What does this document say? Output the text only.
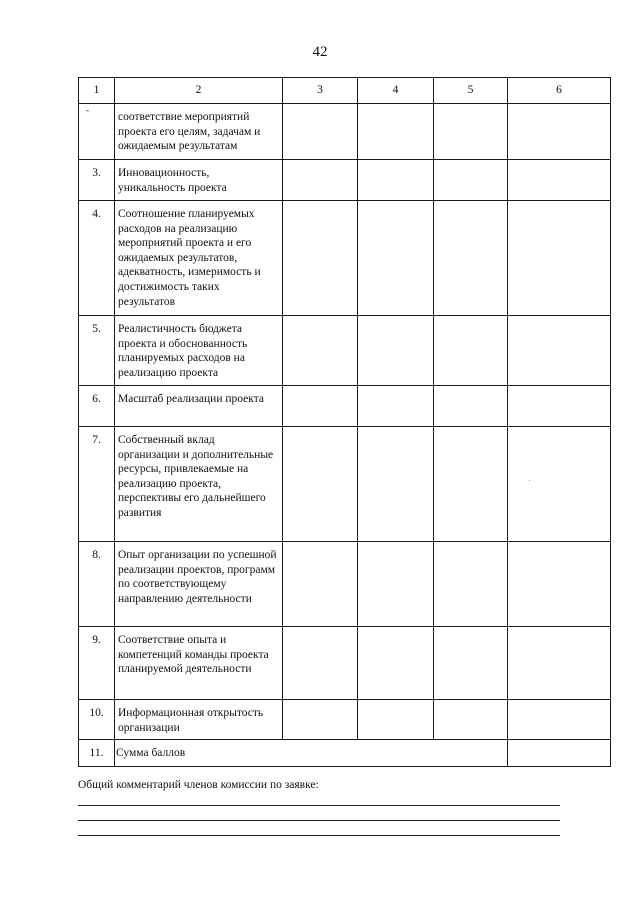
42
1	2	3	4	5	6
-	соответствие мероприятий проекта его целям, задачам и ожидаемым результатам				
3.	Инновационность, уникальность проекта				
4.	Соотношение планируемых расходов на реализацию мероприятий проекта и его ожидаемых результатов, адекватность, измеримость и достижимость таких результатов				
5.	Реалистичность бюджета проекта и обоснованность планируемых расходов на реализацию проекта				
6.	Масштаб реализации проекта				
7.	Собственный вклад организации и дополнительные ресурсы, привлекаемые на реализацию проекта, перспективы его дальнейшего развития				
8.	Опыт организации по успешной реализации проектов, программ по соответствующему направлению деятельности				
9.	Соответствие опыта и компетенций команды проекта планируемой деятельности				
10.	Информационная открытость организации				
11.	Сумма баллов				
Общий комментарий членов комиссии по заявке:
